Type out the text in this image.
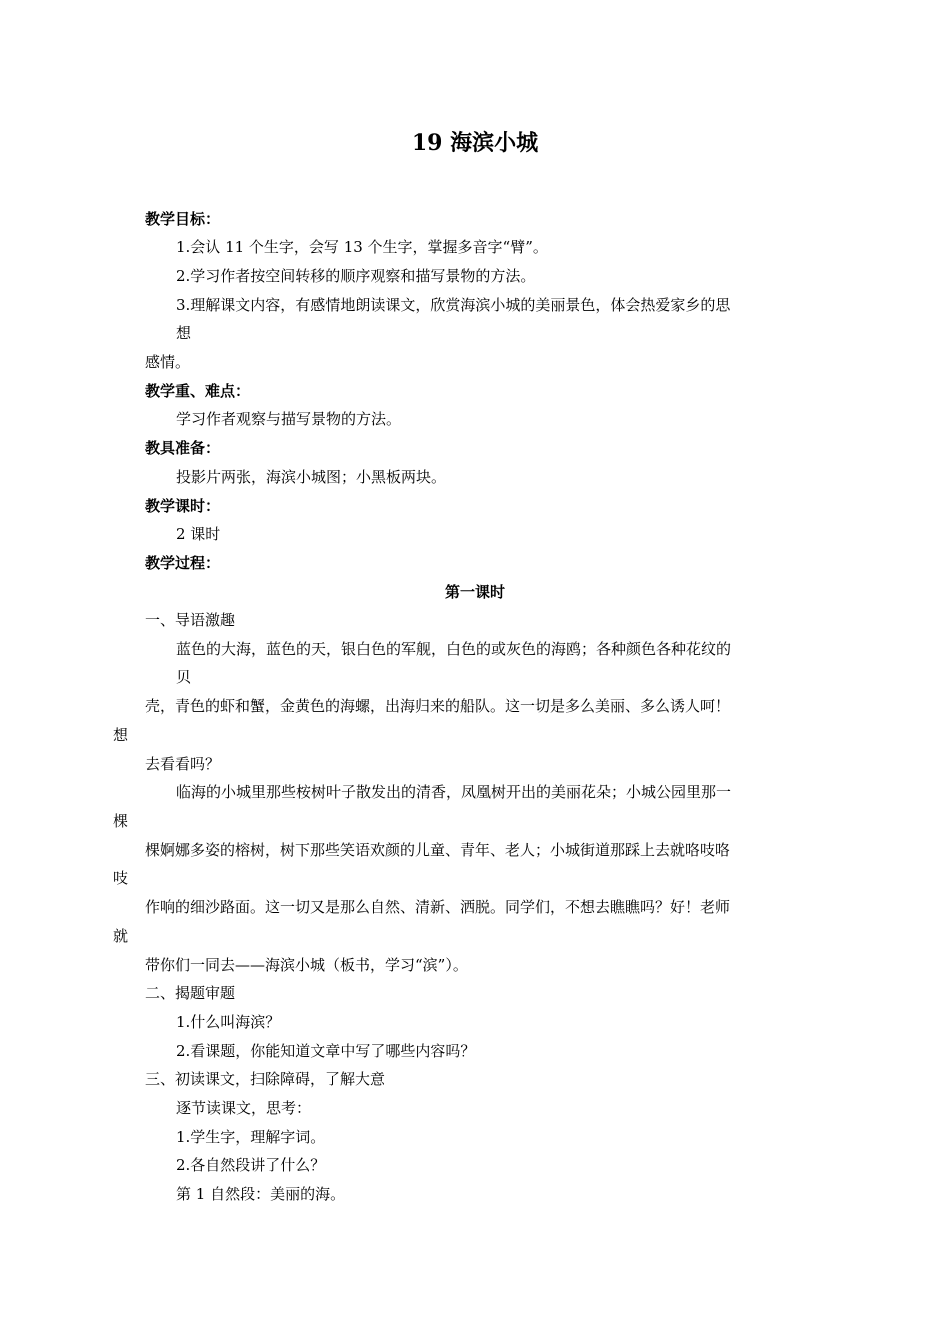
19 海滨小城
教学目标：
1.会认 11 个生字，会写 13 个生字，掌握多音字“臂”。
2.学习作者按空间转移的顺序观察和描写景物的方法。
3.理解课文内容，有感情地朗读课文，欣赏海滨小城的美丽景色，体会热爱家乡的思
想
感情。
教学重、难点：
学习作者观察与描写景物的方法。
教具准备：
投影片两张，海滨小城图；小黑板两块。
教学课时：
2 课时
教学过程：
第一课时
一、导语激趣
蓝色的大海，蓝色的天，银白色的军舰，白色的或灰色的海鸥；各种颜色各种花纹的
贝
壳，青色的虾和蟹，金黄色的海螺，出海归来的船队。这一切是多么美丽、多么诱人呵！
想
去看看吗？
临海的小城里那些桉树叶子散发出的清香，凤凰树开出的美丽花朵；小城公园里那一
棵
棵婀娜多姿的榕树，树下那些笑语欢颜的儿童、青年、老人；小城街道那踩上去就咯吱咯
吱
作响的细沙路面。这一切又是那么自然、清新、洒脱。同学们，不想去瞧瞧吗？好！老师
就
带你们一同去——海滨小城（板书，学习“滨”）。
二、揭题审题
1.什么叫海滨？
2.看课题，你能知道文章中写了哪些内容吗？
三、初读课文，扫除障碍，了解大意
逐节读课文，思考：
1.学生字，理解字词。
2.各自然段讲了什么？
第 1 自然段：美丽的海。
